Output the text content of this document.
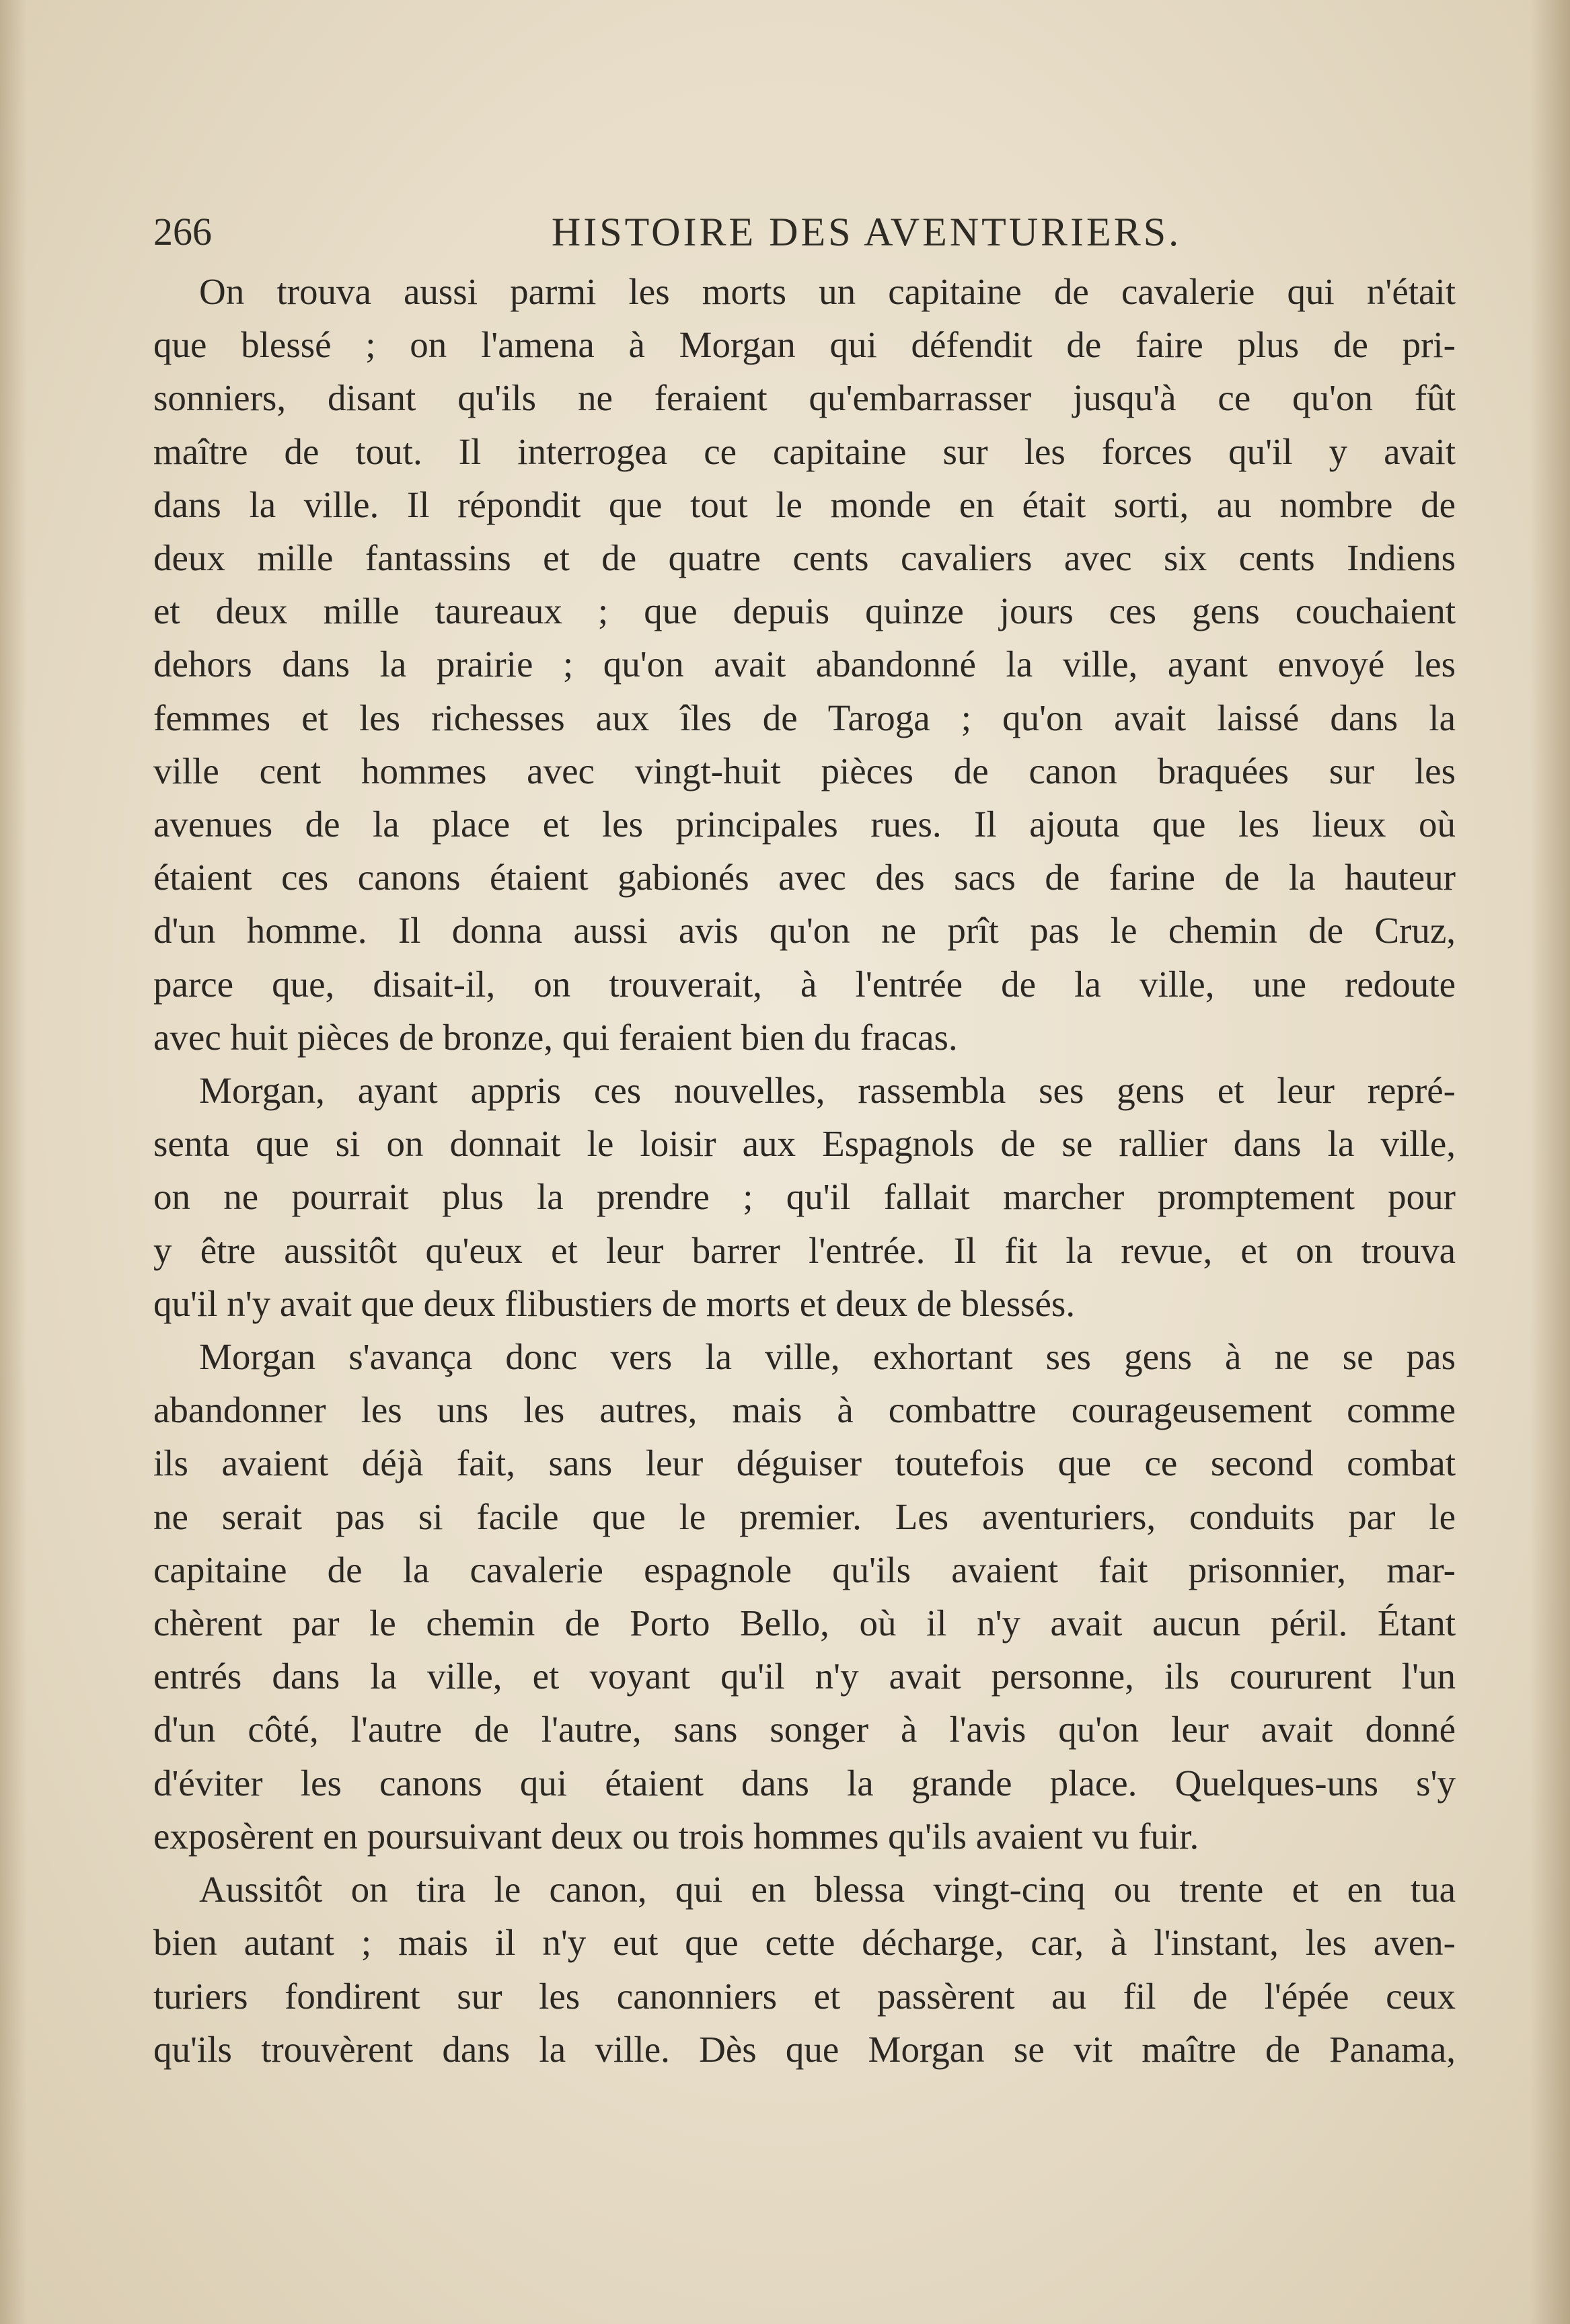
266	HISTOIRE DES AVENTURIERS.

On trouva aussi parmi les morts un capitaine de cavalerie qui n'était
que blessé ; on l'amena à Morgan qui défendit de faire plus de pri-
sonniers, disant qu'ils ne feraient qu'embarrasser jusqu'à ce qu'on fût
maître de tout. Il interrogea ce capitaine sur les forces qu'il y avait
dans la ville. Il répondit que tout le monde en était sorti, au nombre de
deux mille fantassins et de quatre cents cavaliers avec six cents Indiens
et deux mille taureaux ; que depuis quinze jours ces gens couchaient
dehors dans la prairie ; qu'on avait abandonné la ville, ayant envoyé les
femmes et les richesses aux îles de Taroga ; qu'on avait laissé dans la
ville cent hommes avec vingt-huit pièces de canon braquées sur les
avenues de la place et les principales rues. Il ajouta que les lieux où
étaient ces canons étaient gabionés avec des sacs de farine de la hauteur
d'un homme. Il donna aussi avis qu'on ne prît pas le chemin de Cruz,
parce que, disait-il, on trouverait, à l'entrée de la ville, une redoute
avec huit pièces de bronze, qui feraient bien du fracas.

Morgan, ayant appris ces nouvelles, rassembla ses gens et leur repré-
senta que si on donnait le loisir aux Espagnols de se rallier dans la ville,
on ne pourrait plus la prendre ; qu'il fallait marcher promptement pour
y être aussitôt qu'eux et leur barrer l'entrée. Il fit la revue, et on trouva
qu'il n'y avait que deux flibustiers de morts et deux de blessés.

Morgan s'avança donc vers la ville, exhortant ses gens à ne se pas
abandonner les uns les autres, mais à combattre courageusement comme
ils avaient déjà fait, sans leur déguiser toutefois que ce second combat
ne serait pas si facile que le premier. Les aventuriers, conduits par le
capitaine de la cavalerie espagnole qu'ils avaient fait prisonnier, mar-
chèrent par le chemin de Porto Bello, où il n'y avait aucun péril. Étant
entrés dans la ville, et voyant qu'il n'y avait personne, ils coururent l'un
d'un côté, l'autre de l'autre, sans songer à l'avis qu'on leur avait donné
d'éviter les canons qui étaient dans la grande place. Quelques-uns s'y
exposèrent en poursuivant deux ou trois hommes qu'ils avaient vu fuir.

Aussitôt on tira le canon, qui en blessa vingt-cinq ou trente et en tua
bien autant ; mais il n'y eut que cette décharge, car, à l'instant, les aven-
turiers fondirent sur les canonniers et passèrent au fil de l'épée ceux
qu'ils trouvèrent dans la ville. Dès que Morgan se vit maître de Panama,
